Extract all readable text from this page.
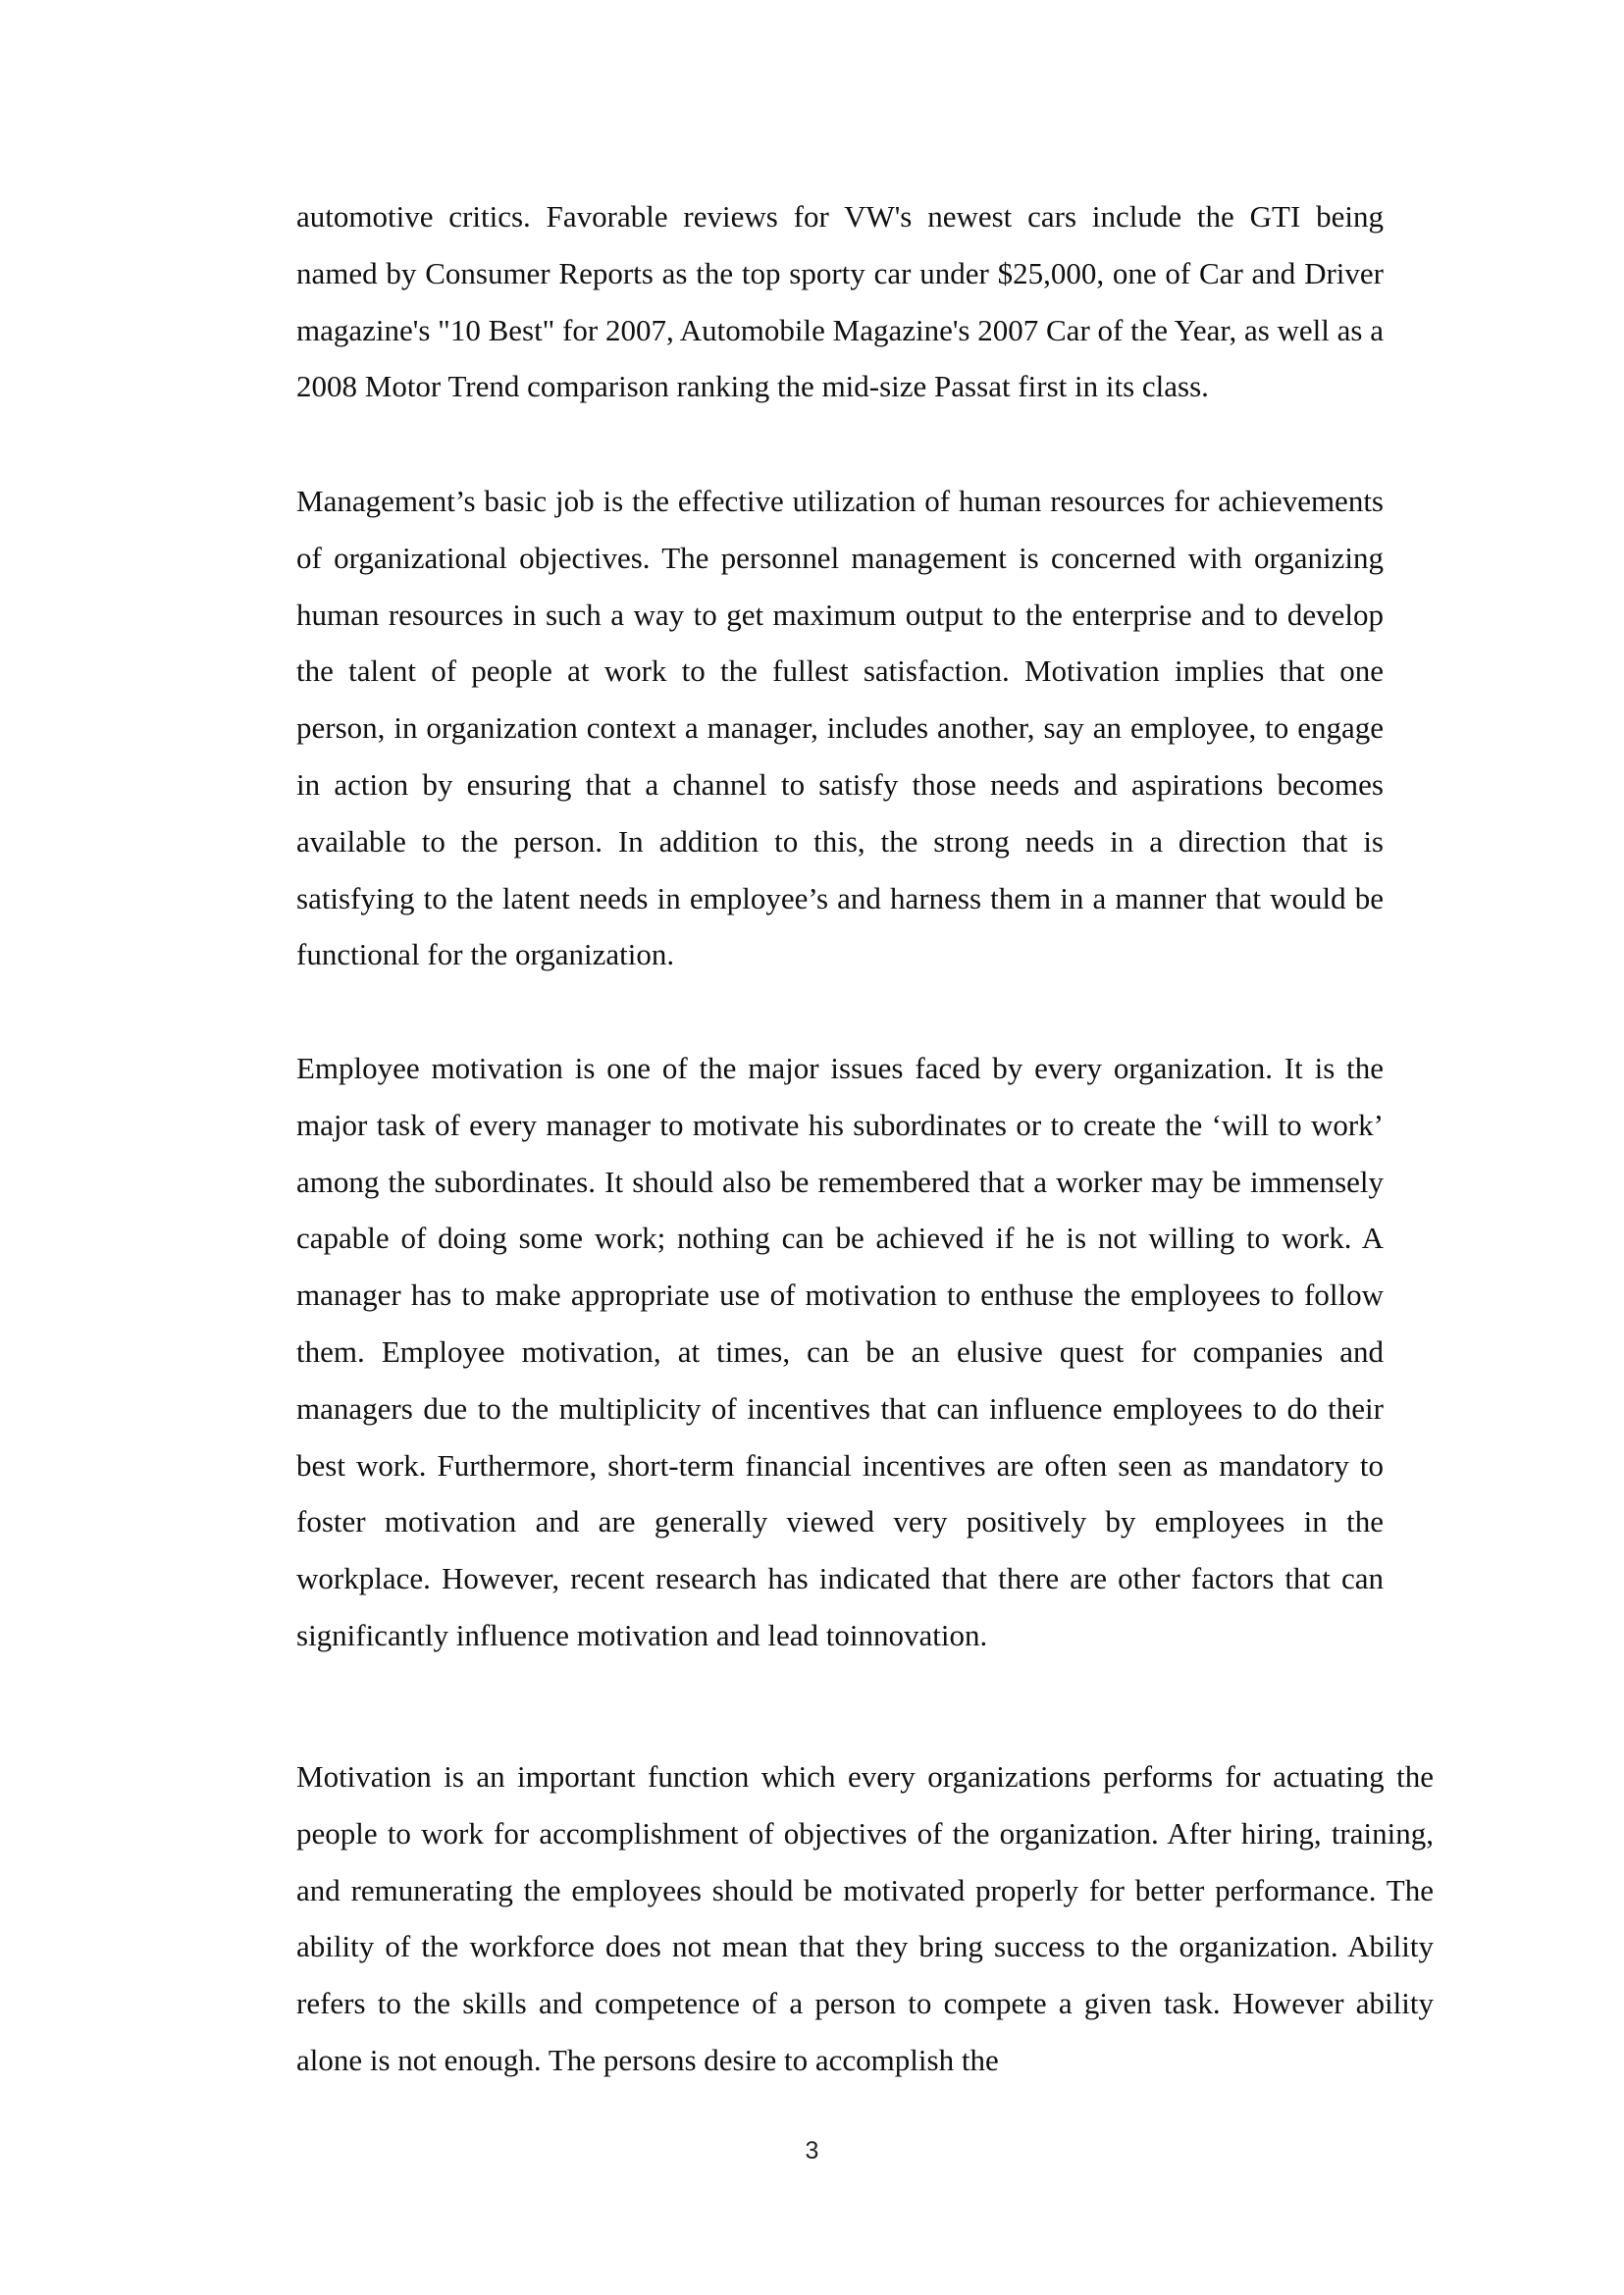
automotive critics. Favorable reviews for VW's newest cars include the GTI being named by Consumer Reports as the top sporty car under $25,000, one of Car and Driver magazine's "10 Best" for 2007, Automobile Magazine's 2007 Car of the Year, as well as a 2008 Motor Trend comparison ranking the mid-size Passat first in its class.

Management’s basic job is the effective utilization of human resources for achievements of organizational objectives. The personnel management is concerned with organizing human resources in such a way to get maximum output to the enterprise and to develop the talent of people at work to the fullest satisfaction. Motivation implies that one person, in organization context a manager, includes another, say an employee, to engage in action by ensuring that a channel to satisfy those needs and aspirations becomes available to the person. In addition to this, the strong needs in a direction that is satisfying to the latent needs in employee’s and harness them in a manner that would be functional for the organization.

Employee motivation is one of the major issues faced by every organization. It is the major task of every manager to motivate his subordinates or to create the ‘will to work’ among the subordinates. It should also be remembered that a worker may be immensely capable of doing some work; nothing can be achieved if he is not willing to work. A manager has to make appropriate use of motivation to enthuse the employees to follow them. Employee motivation, at times, can be an elusive quest for companies and managers due to the multiplicity of incentives that can influence employees to do their best work. Furthermore, short-term financial incentives are often seen as mandatory to foster motivation and are generally viewed very positively by employees in the workplace. However, recent research has indicated that there are other factors that can significantly influence motivation and lead toinnovation.

Motivation is an important function which every organizations performs for actuating the people to work for accomplishment of objectives of the organization. After hiring, training, and remunerating the employees should be motivated properly for better performance. The ability of the workforce does not mean that they bring success to the organization. Ability refers to the skills and competence of a person to compete a given task. However ability alone is not enough. The persons desire to accomplish the

3
